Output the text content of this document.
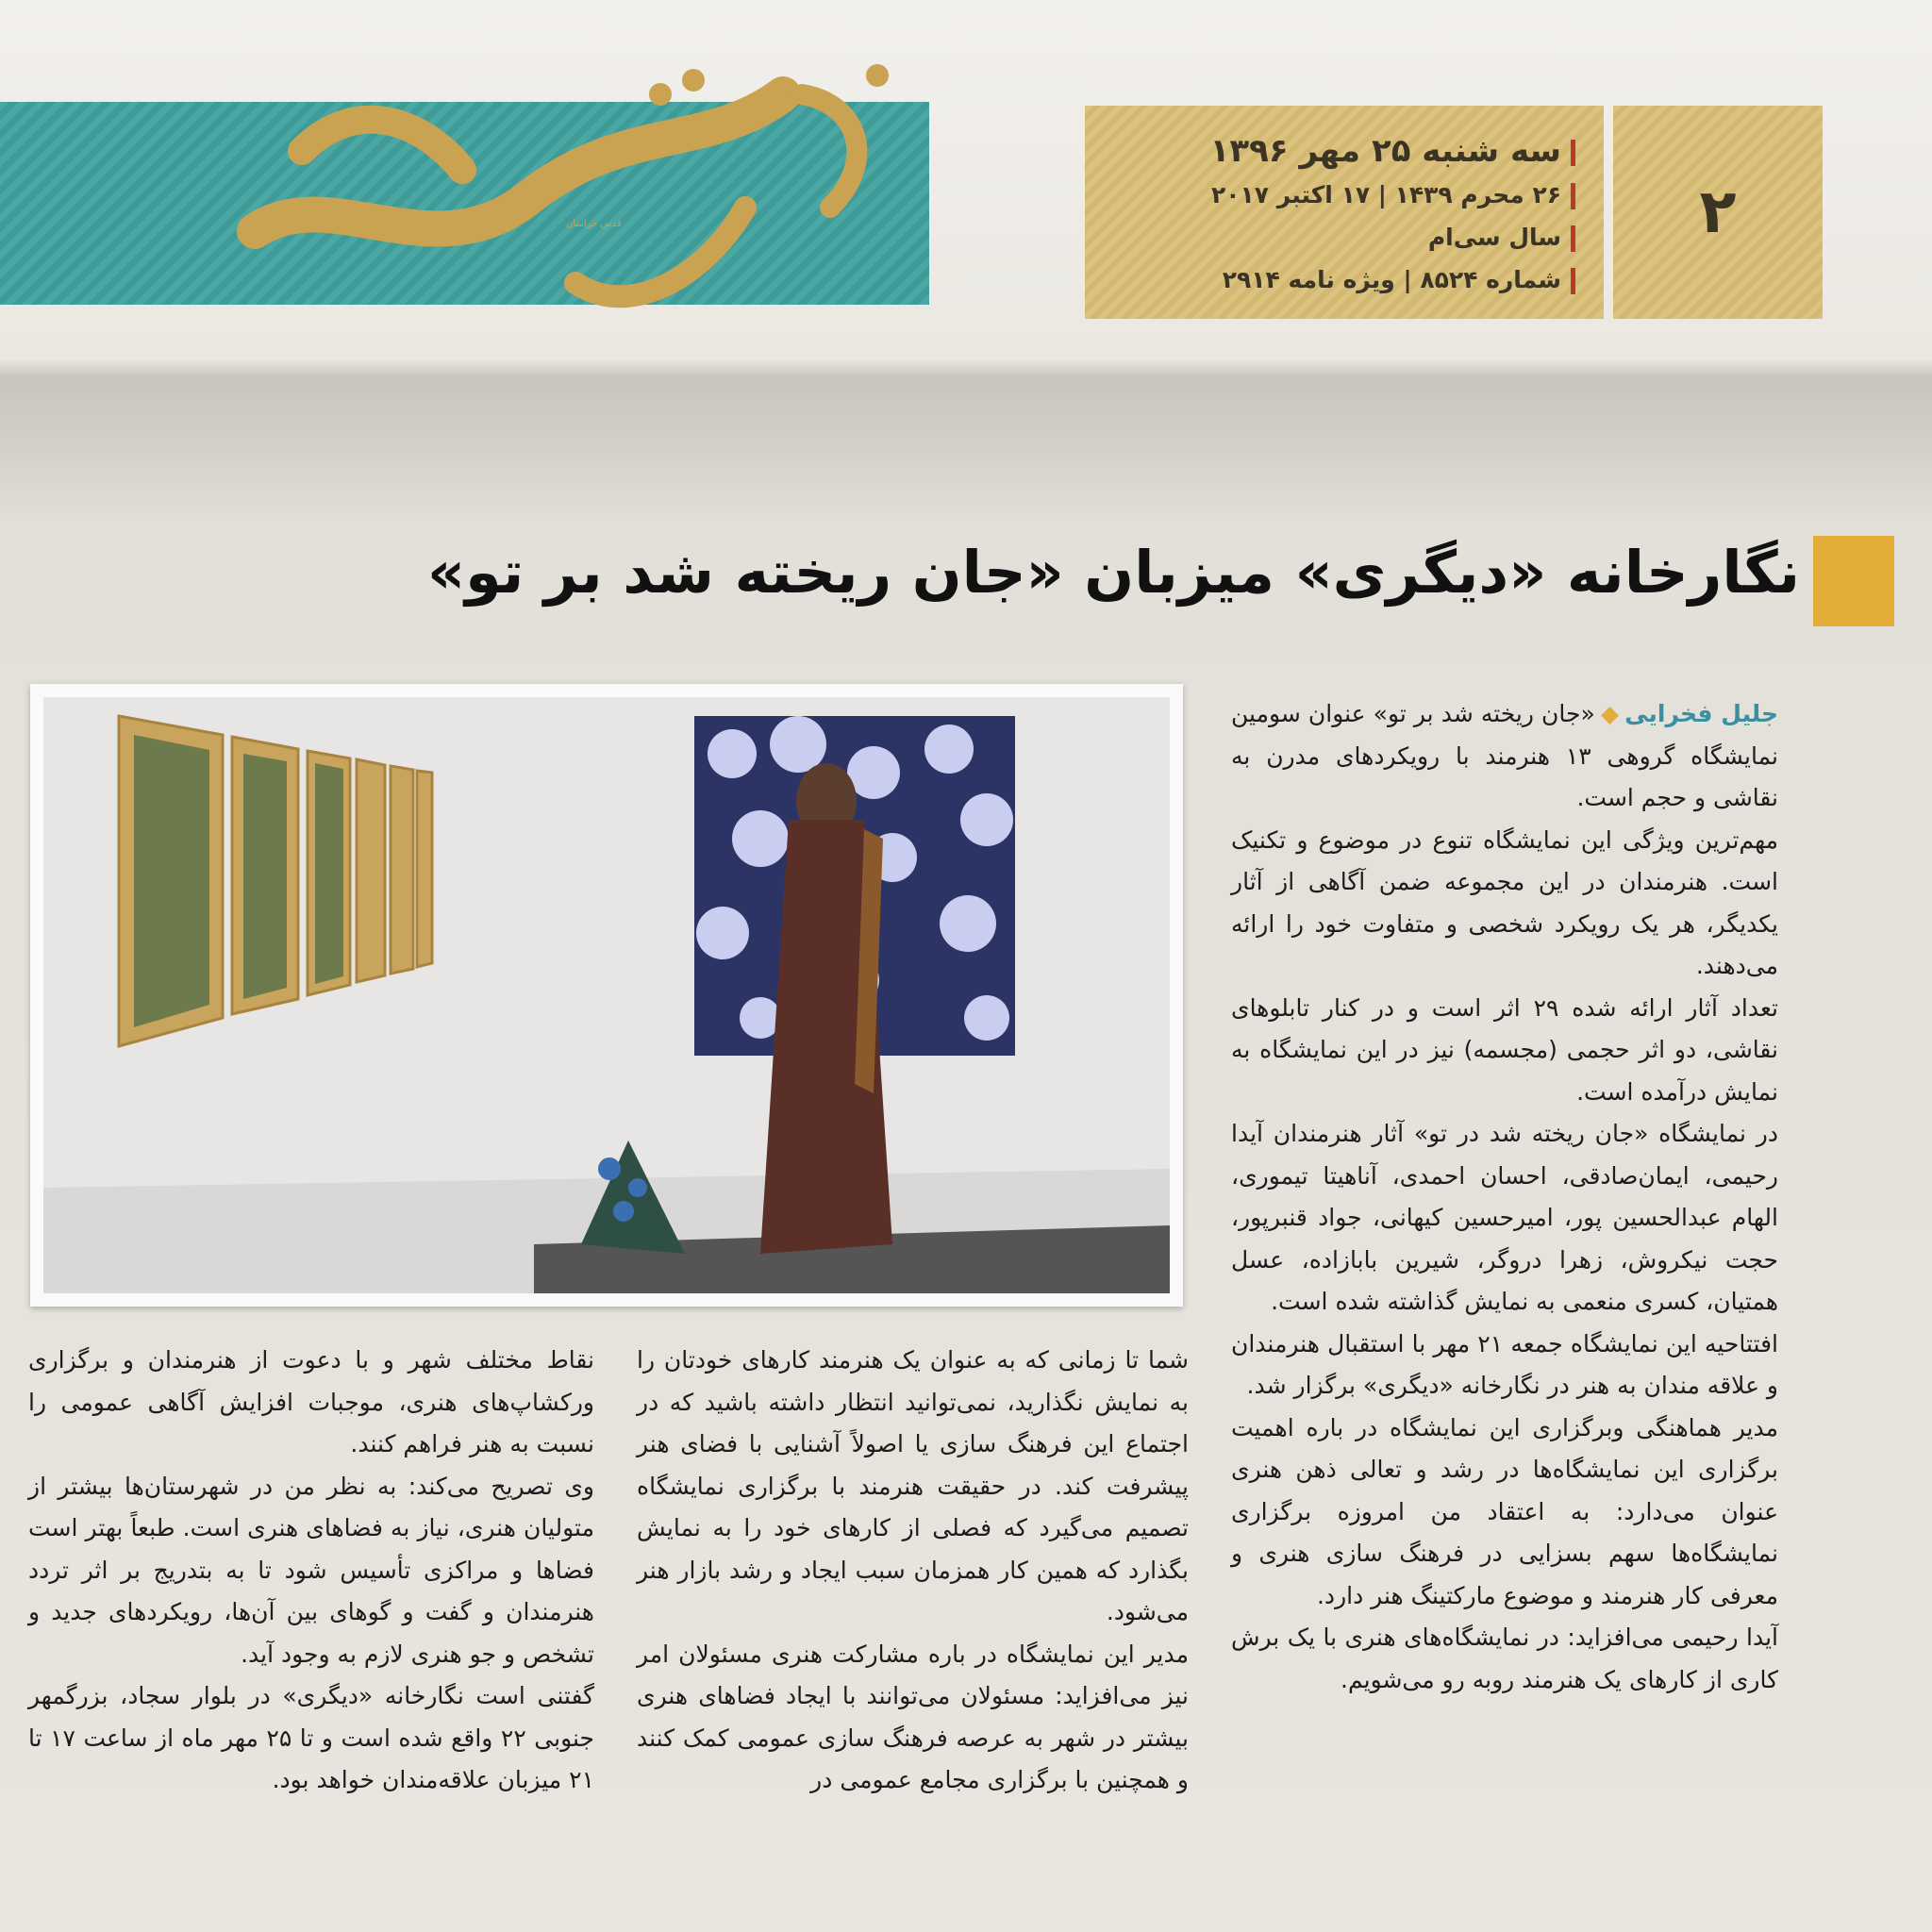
قدس خراسان
سه شنبه ۲۵ مهر ۱۳۹۶
۲۶ محرم ۱۴۳۹ | ۱۷ اکتبر ۲۰۱۷
سال سی‌ام
شماره ۸۵۲۴ | ویژه نامه ۲۹۱۴
۲
نگارخانه «دیگری» میزبان «جان ریخته شد بر تو»

جلیل فخرایی◆«جان ریخته شد بر تو» عنوان سومین نمایشگاه گروهی ۱۳ هنرمند با رویکردهای مدرن به نقاشی و حجم است.

مهم‌ترین ویژگی این نمایشگاه تنوع در موضوع و تکنیک است. هنرمندان در این مجموعه ضمن آگاهی از آثار یکدیگر، هر یک رویکرد شخصی و متفاوت خود را ارائه می‌دهند.

تعداد آثار ارائه شده ۲۹ اثر است و در کنار تابلوهای نقاشی، دو اثر حجمی (مجسمه) نیز در این نمایشگاه به نمایش درآمده است.

در نمایشگاه «جان ریخته شد در تو» آثار هنرمندان آیدا رحیمی، ایمان‌صادقی، احسان احمدی، آناهیتا تیموری، الهام عبدالحسین پور، امیرحسین کیهانی، جواد قنبرپور، حجت نیکروش، زهرا دروگر، شیرین بابازاده، عسل همتیان، کسری منعمی به نمایش گذاشته شده است.

افتتاحیه این نمایشگاه جمعه ۲۱ مهر با استقبال هنرمندان و علاقه مندان به هنر در نگارخانه «دیگری» برگزار شد.

مدیر هماهنگی وبرگزاری این نمایشگاه در باره اهمیت برگزاری این نمایشگاه‌ها در رشد و تعالی ذهن هنری عنوان می‌دارد: به اعتقاد من امروزه برگزاری نمایشگاه‌ها سهم بسزایی در فرهنگ سازی هنری و معرفی کار هنرمند و موضوع مارکتینگ هنر دارد.

آیدا رحیمی می‌افزاید: در نمایشگاه‌های هنری با یک برش کاری از کارهای یک هنرمند روبه رو می‌شویم.

شما تا زمانی که به عنوان یک هنرمند کارهای خودتان را به نمایش نگذارید، نمی‌توانید انتظار داشته باشید که در اجتماع این فرهنگ سازی یا اصولاً آشنایی با فضای هنر پیشرفت کند. در حقیقت هنرمند با برگزاری نمایشگاه تصمیم می‌گیرد که فصلی از کارهای خود را به نمایش بگذارد که همین کار همزمان سبب ایجاد و رشد بازار هنر می‌شود.

مدیر این نمایشگاه در باره مشارکت هنری مسئولان امر نیز می‌افزاید: مسئولان می‌توانند با ایجاد فضاهای هنری بیشتر در شهر به عرصه فرهنگ سازی عمومی کمک کنند و همچنین با برگزاری مجامع عمومی در

نقاط مختلف شهر و با دعوت از هنرمندان و برگزاری ورکشاپ‌های هنری، موجبات افزایش آگاهی عمومی را نسبت به هنر فراهم کنند.

وی تصریح می‌کند: به نظر من در شهرستان‌ها بیشتر از متولیان هنری، نیاز به فضاهای هنری است. طبعاً بهتر است فضاها و مراکزی تأسیس شود تا به بتدریج بر اثر تردد هنرمندان و گفت و گوهای بین آن‌ها، رویکردهای جدید و تشخص و جو هنری لازم به وجود آید.

گفتنی است نگارخانه «دیگری» در بلوار سجاد، بزرگمهر جنوبی ۲۲ واقع شده است و تا ۲۵ مهر ماه از ساعت ۱۷ تا ۲۱ میزبان علاقه‌مندان خواهد بود.
